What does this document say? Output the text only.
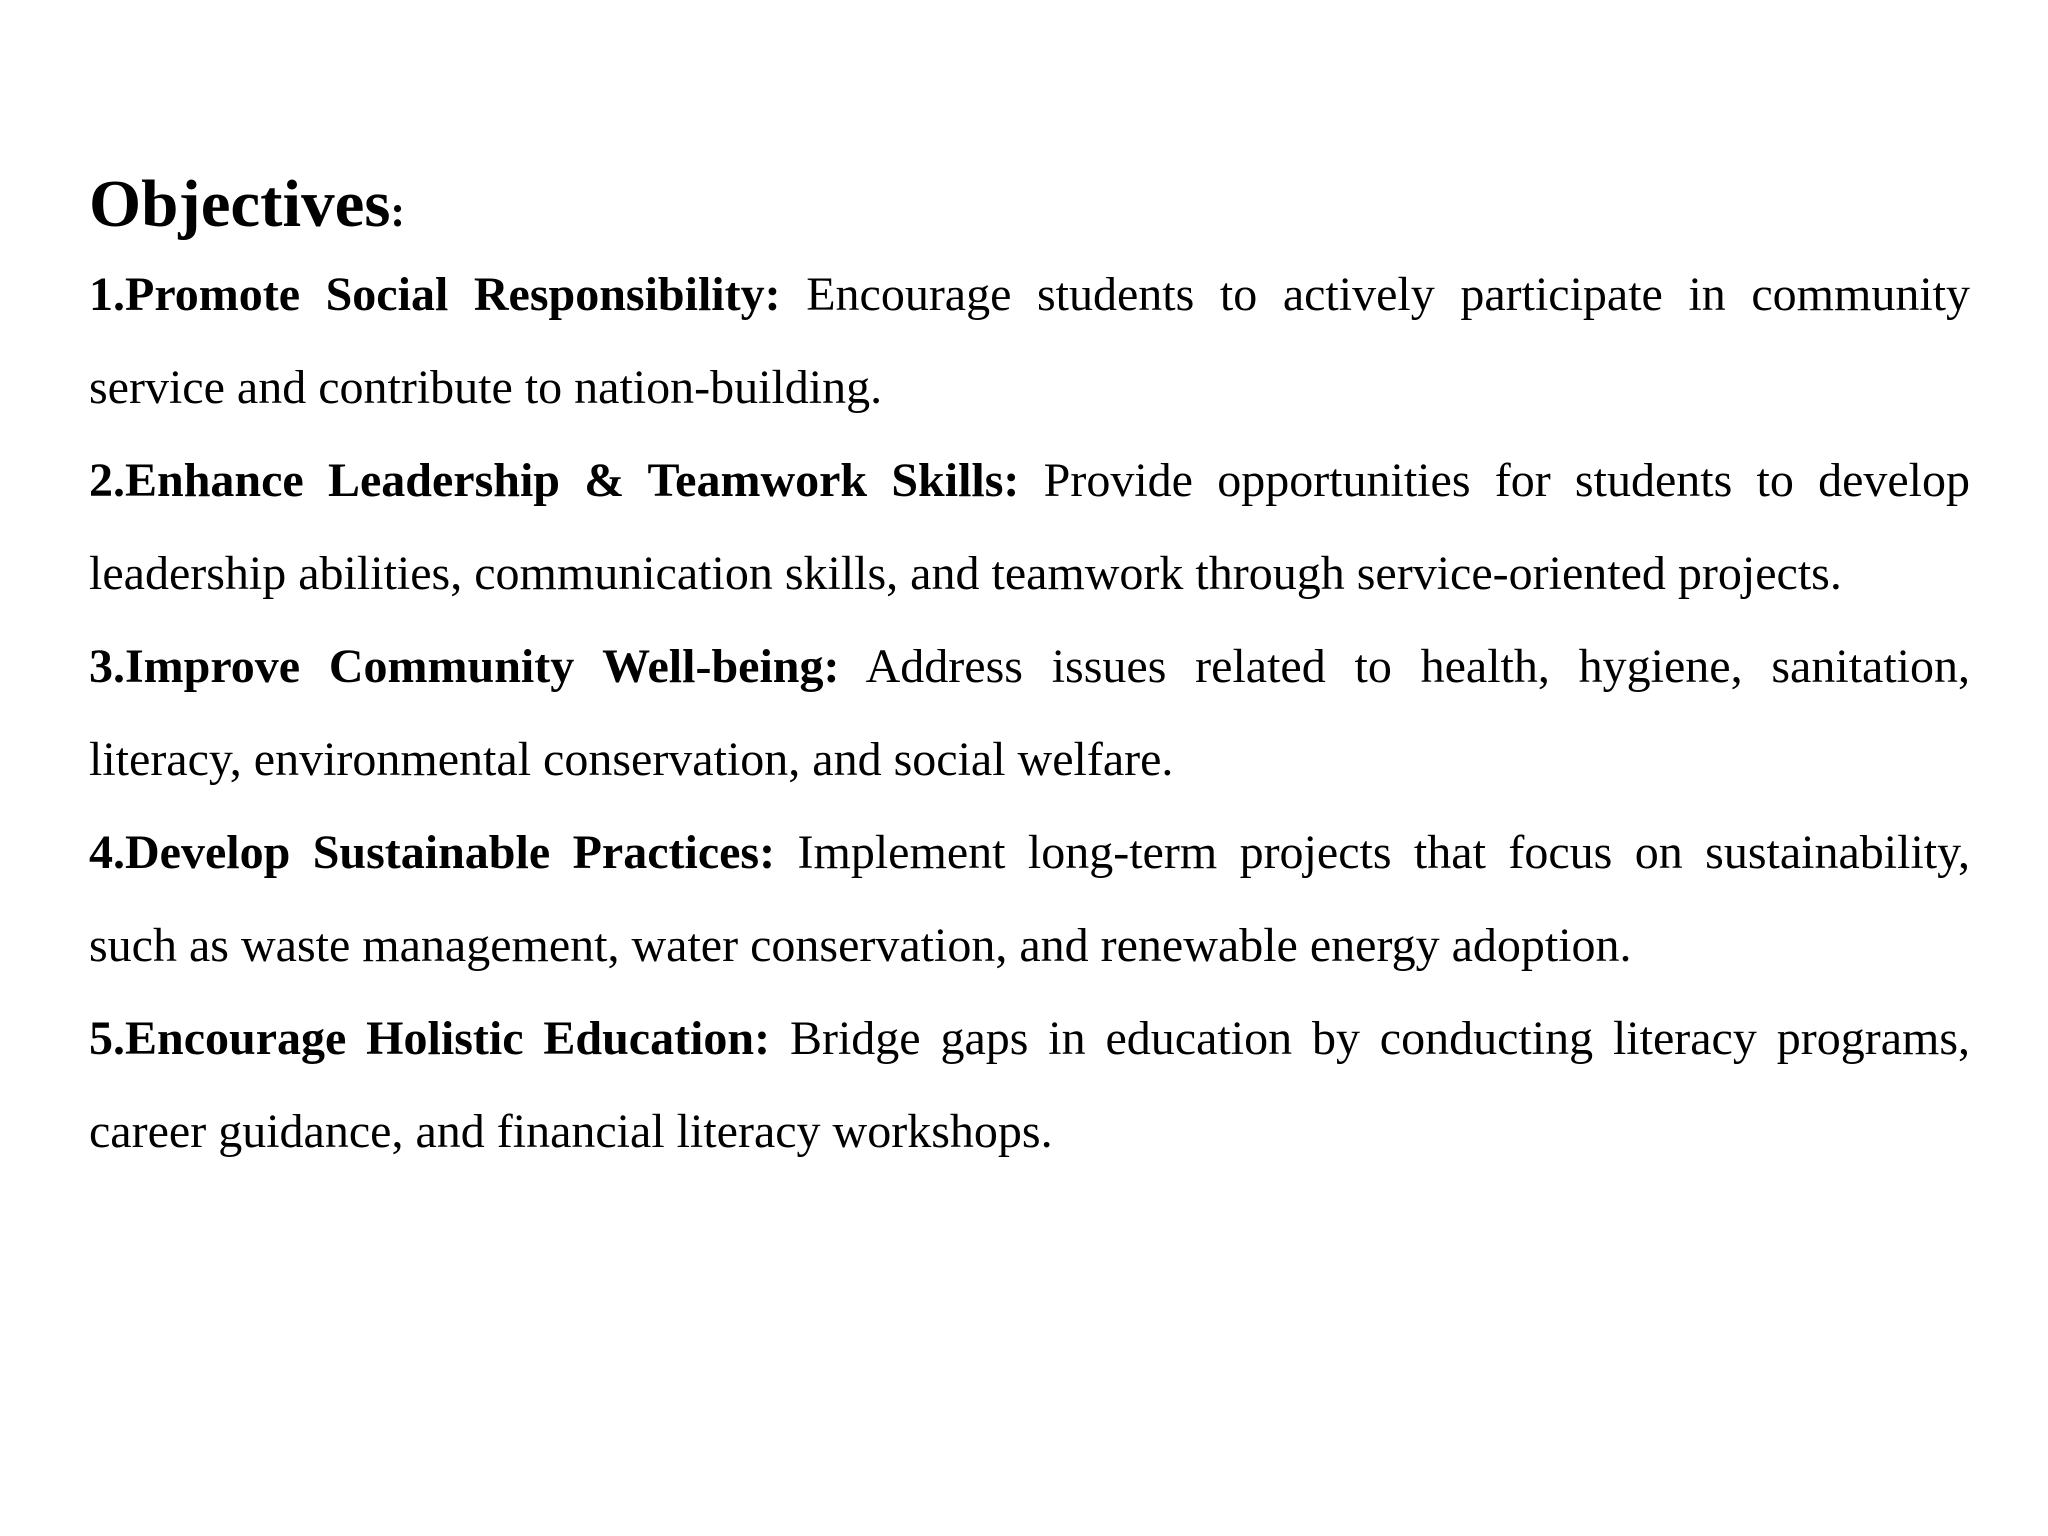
Objectives:
1.Promote Social Responsibility: Encourage students to actively participate in community service and contribute to nation-building.
2.Enhance Leadership & Teamwork Skills: Provide opportunities for students to develop leadership abilities, communication skills, and teamwork through service-oriented projects.
3.Improve Community Well-being: Address issues related to health, hygiene, sanitation, literacy, environmental conservation, and social welfare.
4.Develop Sustainable Practices: Implement long-term projects that focus on sustainability, such as waste management, water conservation, and renewable energy adoption.
5.Encourage Holistic Education: Bridge gaps in education by conducting literacy programs, career guidance, and financial literacy workshops.
